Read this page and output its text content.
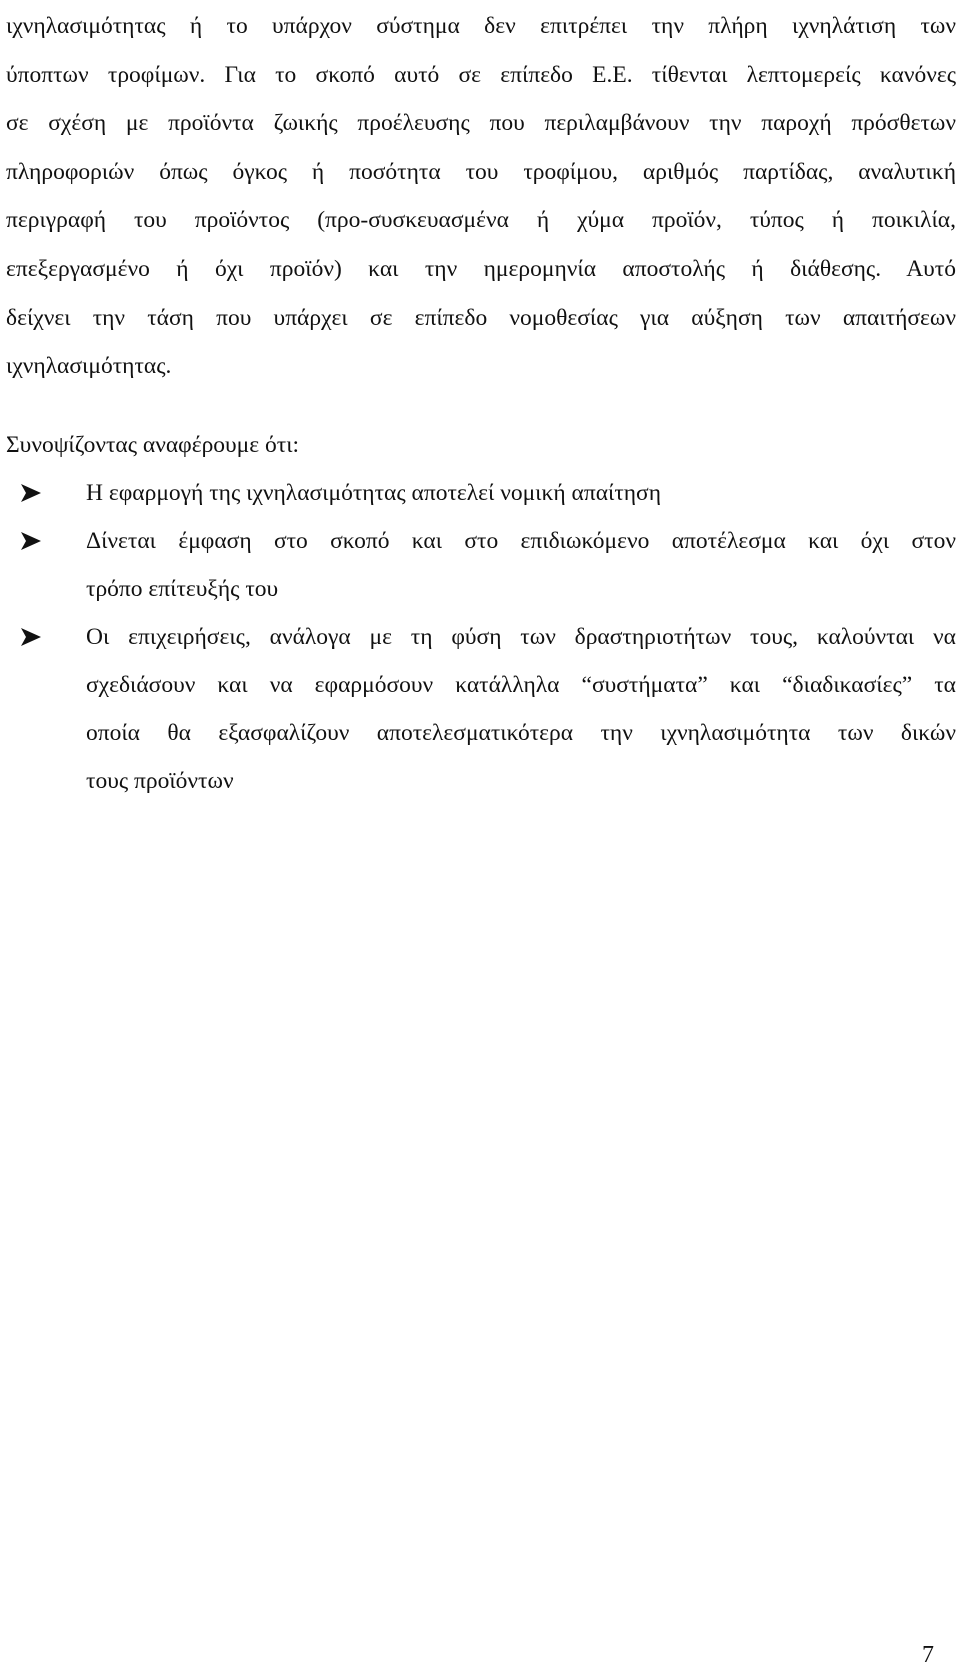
ιχνηλασιμότητας ή το υπάρχον σύστημα δεν επιτρέπει την πλήρη ιχνηλάτιση των
ύποπτων τροφίμων. Για το σκοπό αυτό σε επίπεδο Ε.Ε. τίθενται λεπτομερείς κανόνες
σε σχέση με προϊόντα ζωικής προέλευσης που περιλαμβάνουν την παροχή πρόσθετων
πληροφοριών όπως όγκος ή ποσότητα του τροφίμου, αριθμός παρτίδας, αναλυτική
περιγραφή του προϊόντος (προ-συσκευασμένα ή χύμα προϊόν, τύπος ή ποικιλία,
επεξεργασμένο ή όχι προϊόν) και την ημερομηνία αποστολής ή διάθεσης. Αυτό
δείχνει την τάση που υπάρχει σε επίπεδο νομοθεσίας για αύξηση των απαιτήσεων
ιχνηλασιμότητας.

Συνοψίζοντας αναφέρουμε ότι:

Η εφαρμογή της ιχνηλασιμότητας αποτελεί νομική απαίτηση
Δίνεται έμφαση στο σκοπό και στο επιδιωκόμενο αποτέλεσμα και όχι στον
τρόπο επίτευξής του
Οι επιχειρήσεις, ανάλογα με τη φύση των δραστηριοτήτων τους, καλούνται να
σχεδιάσουν και να εφαρμόσουν κατάλληλα “συστήματα” και “διαδικασίες” τα
οποία θα εξασφαλίζουν αποτελεσματικότερα την ιχνηλασιμότητα των δικών
τους προϊόντων
7
